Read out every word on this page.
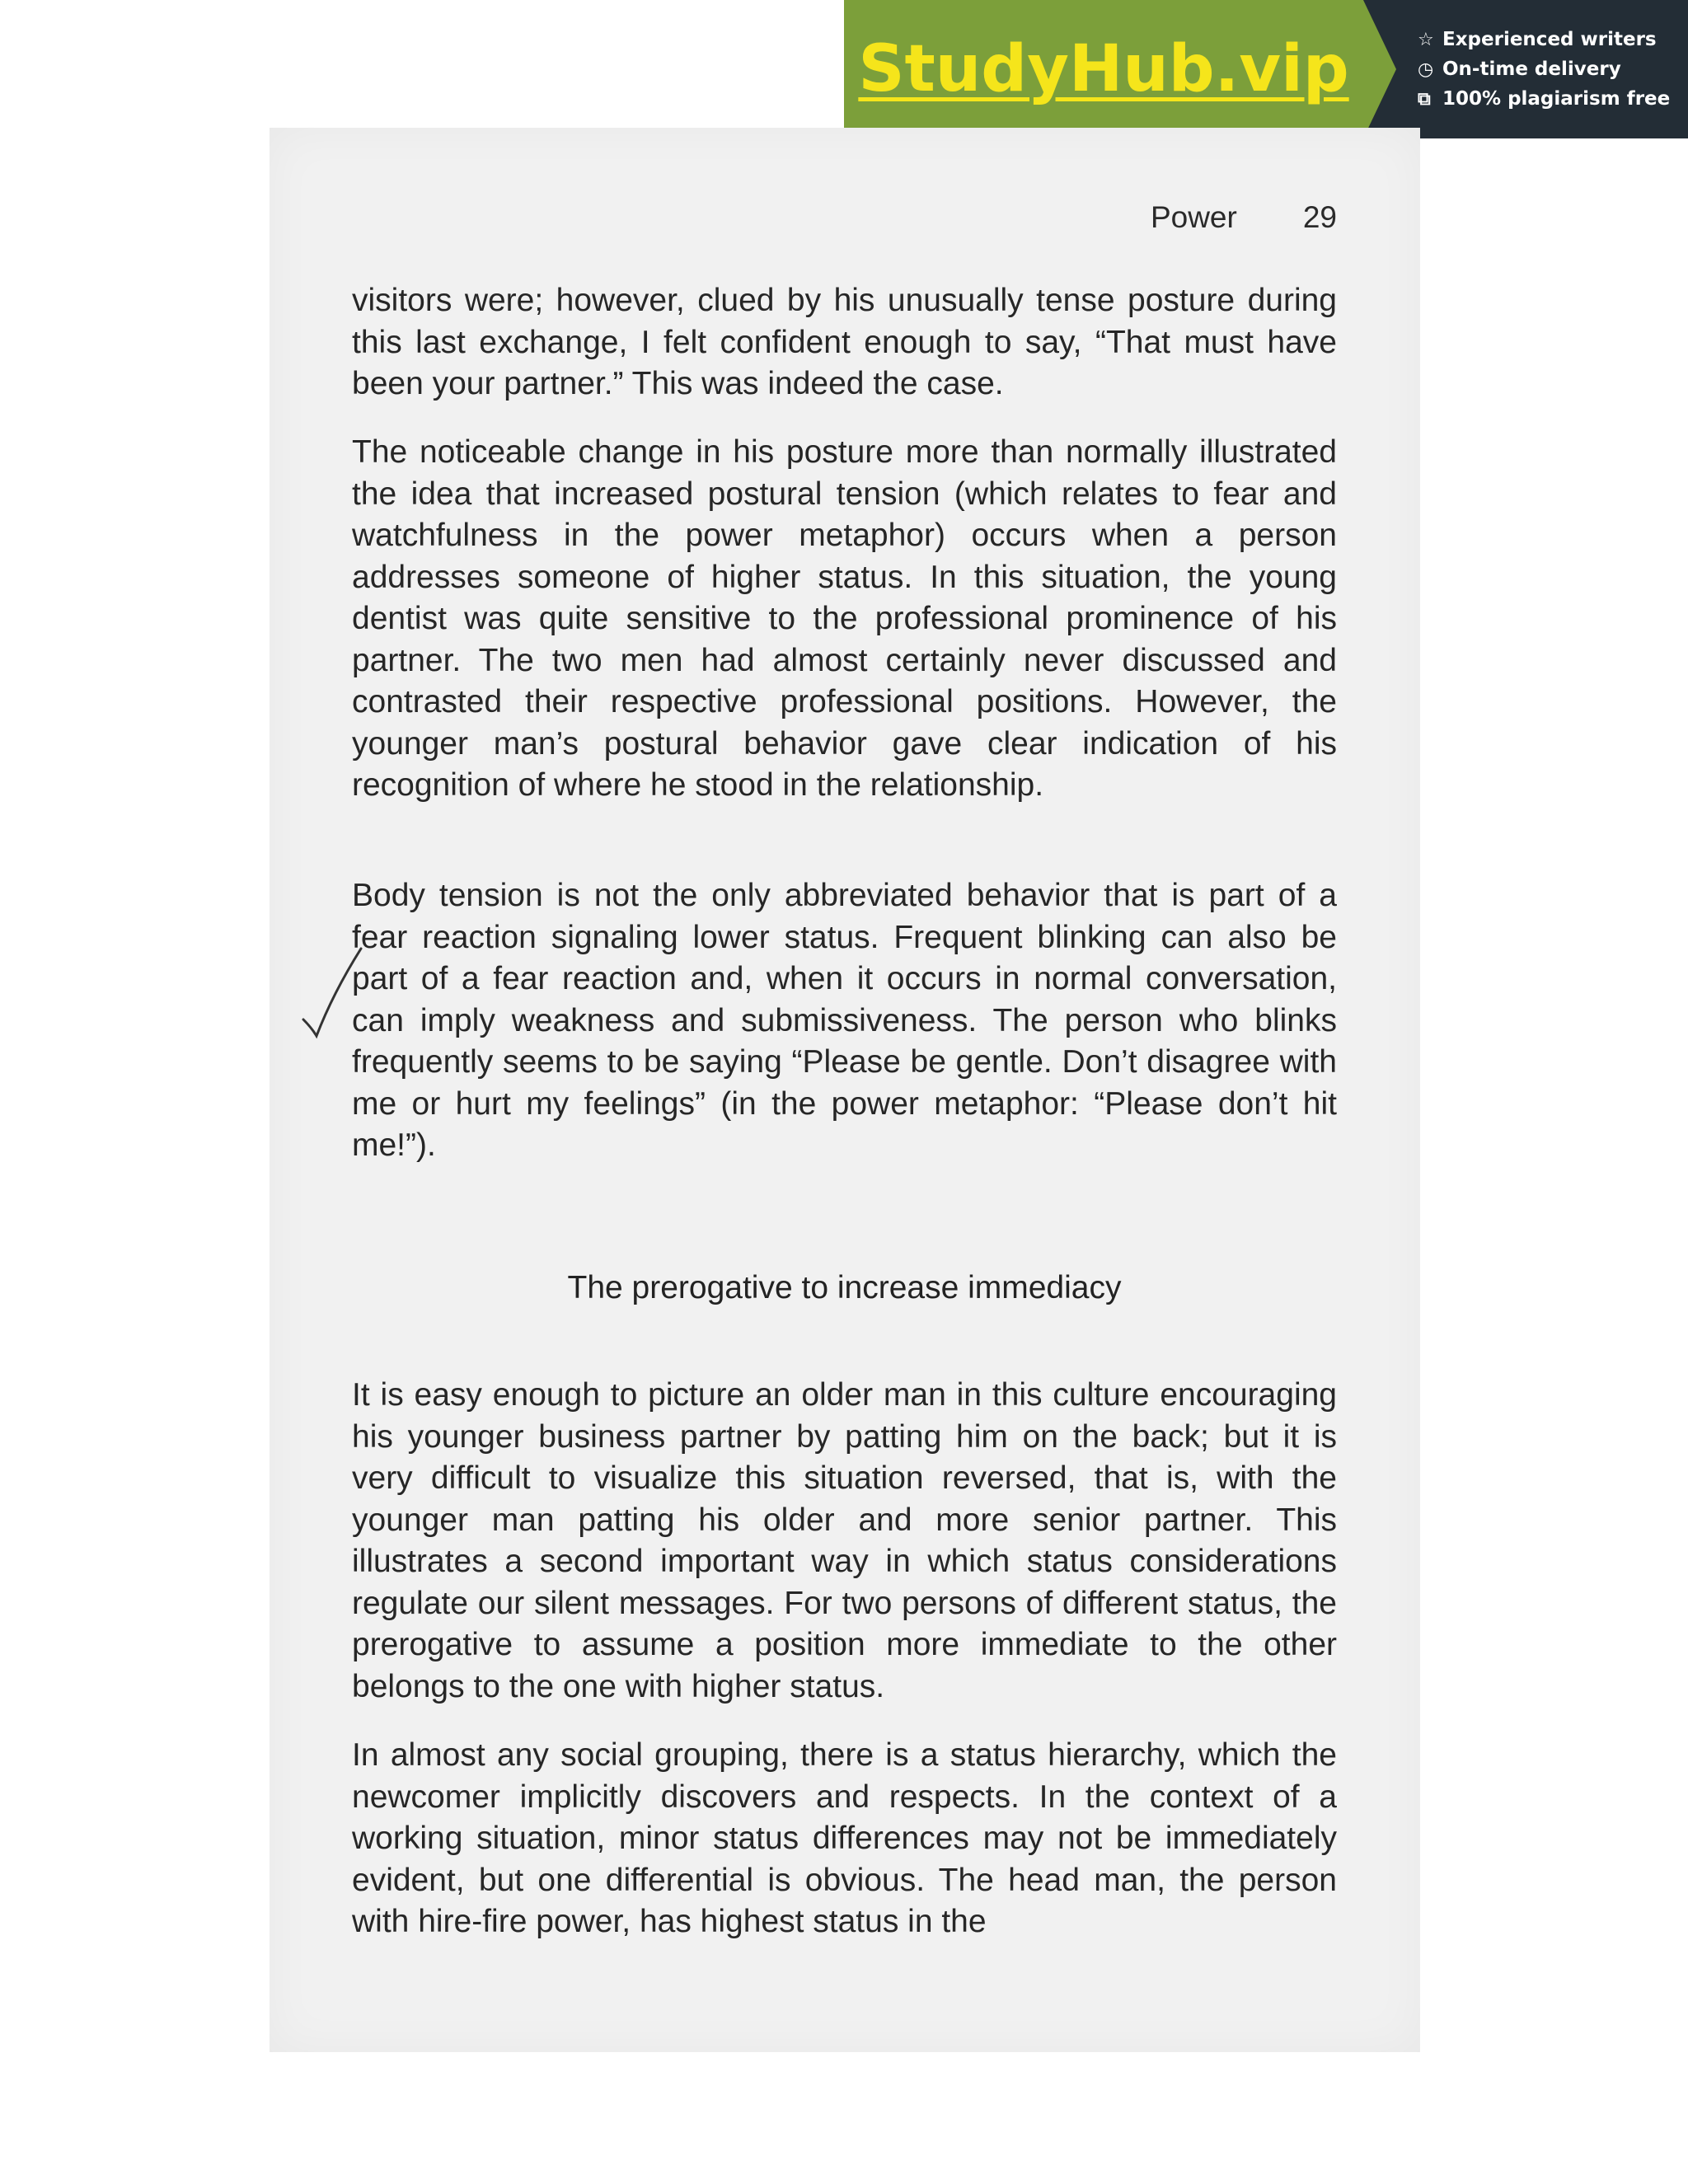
StudyHub.vip	☆ Experienced writers
◷ On-time delivery
⧉ 100% plagiarism free
Power 29

visitors were; however, clued by his unusually tense posture during this last exchange, I felt confident enough to say, “That must have been your partner.” This was indeed the case.

The noticeable change in his posture more than normally illustrated the idea that increased postural tension (which relates to fear and watchfulness in the power metaphor) occurs when a person addresses someone of higher status. In this situation, the young dentist was quite sensitive to the professional prominence of his partner. The two men had almost certainly never discussed and contrasted their respective professional positions. However, the younger man’s postural behavior gave clear indication of his recognition of where he stood in the relationship.

Body tension is not the only abbreviated behavior that is part of a fear reaction signaling lower status. Frequent blinking can also be part of a fear reaction and, when it occurs in normal conversation, can imply weakness and submissiveness. The person who blinks frequently seems to be saying “Please be gentle. Don’t disagree with me or hurt my feelings” (in the power metaphor: “Please don’t hit me!”).

The prerogative to increase immediacy

It is easy enough to picture an older man in this culture encouraging his younger business partner by patting him on the back; but it is very difficult to visualize this situation reversed, that is, with the younger man patting his older and more senior partner. This illustrates a second important way in which status considerations regulate our silent messages. For two persons of different status, the prerogative to assume a position more immediate to the other belongs to the one with higher status.

In almost any social grouping, there is a status hierarchy, which the newcomer implicitly discovers and respects. In the context of a working situation, minor status differences may not be immediately evident, but one differential is obvious. The head man, the person with hire-fire power, has highest status in the
